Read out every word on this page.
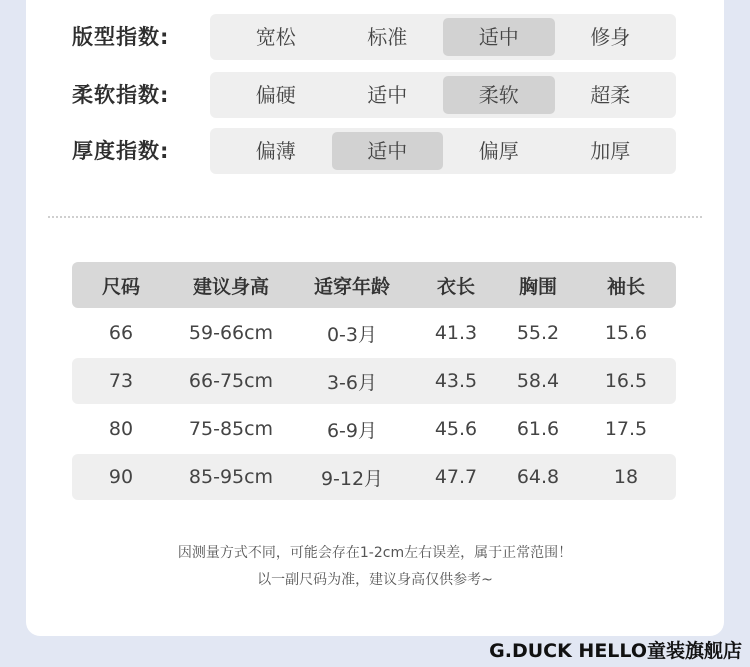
版型指数:	宽松	标准	适中	修身
柔软指数:	偏硬	适中	柔软	超柔
厚度指数:	偏薄	适中	偏厚	加厚
尺码	建议身高	适穿年龄	衣长	胸围	袖长
66	59-66cm	0-3月	41.3	55.2	15.6
73	66-75cm	3-6月	43.5	58.4	16.5
80	75-85cm	6-9月	45.6	61.6	17.5
90	85-95cm	9-12月	47.7	64.8	18
因测量方式不同，可能会存在1-2cm左右误差，属于正常范围！
以一副尺码为准，建议身高仅供参考~
G.DUCK HELLO童装旗舰店
